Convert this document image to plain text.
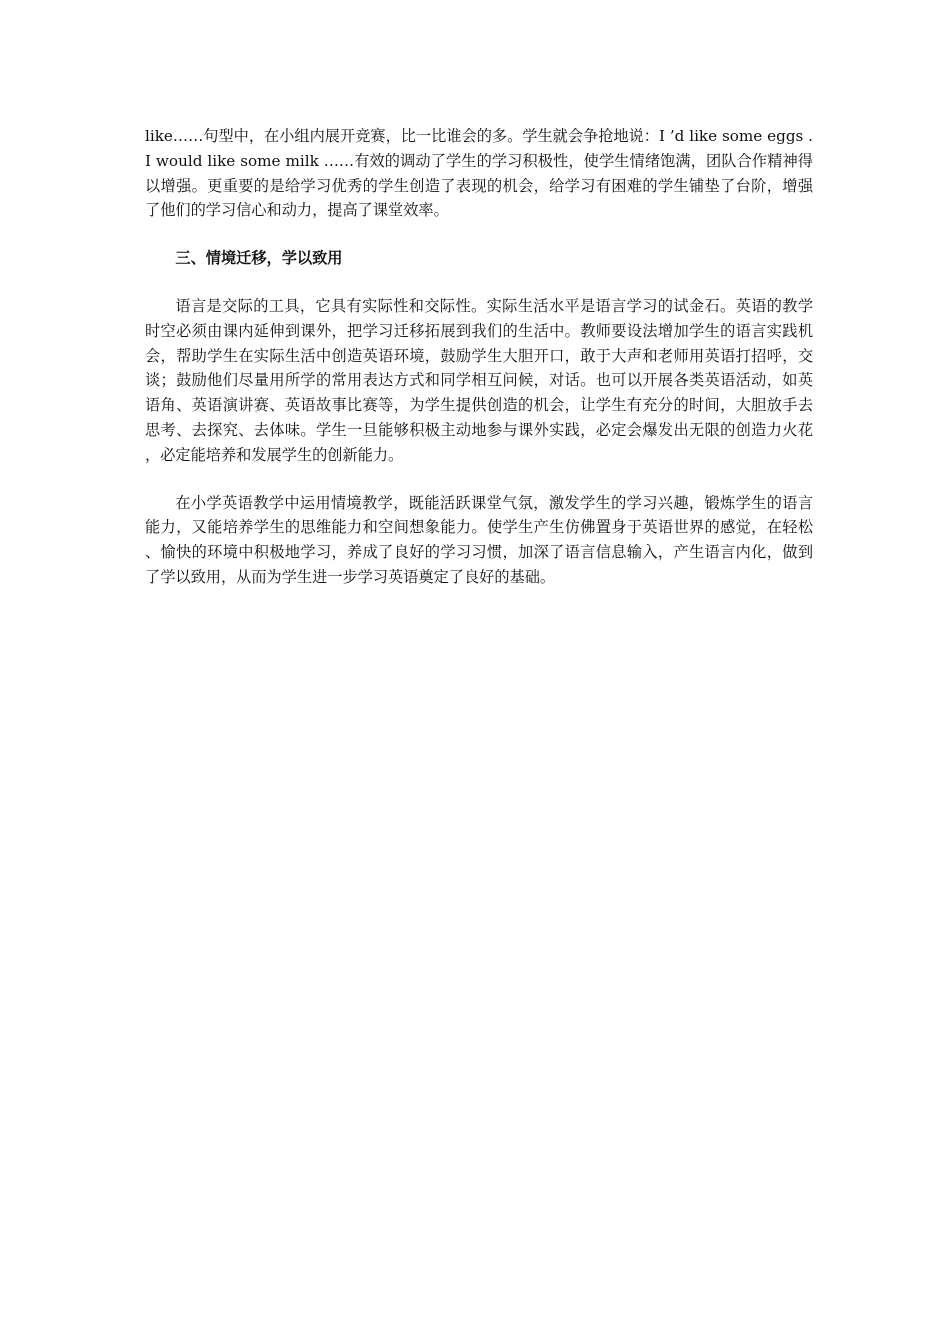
like……句型中，在小组内展开竞赛，比一比谁会的多。学生就会争抢地说：I ’d like some eggs . I would like some milk ……有效的调动了学生的学习积极性，使学生情绪饱满，团队合作精神得以增强。更重要的是给学习优秀的学生创造了表现的机会，给学习有困难的学生铺垫了台阶，增强了他们的学习信心和动力，提高了课堂效率。

三、情境迁移，学以致用

语言是交际的工具，它具有实际性和交际性。实际生活水平是语言学习的试金石。英语的教学时空必须由课内延伸到课外，把学习迁移拓展到我们的生活中。教师要设法增加学生的语言实践机会，帮助学生在实际生活中创造英语环境，鼓励学生大胆开口，敢于大声和老师用英语打招呼，交谈；鼓励他们尽量用所学的常用表达方式和同学相互问候，对话。也可以开展各类英语活动，如英语角、英语演讲赛、英语故事比赛等，为学生提供创造的机会，让学生有充分的时间，大胆放手去思考、去探究、去体味。学生一旦能够积极主动地参与课外实践，必定会爆发出无限的创造力火花，必定能培养和发展学生的创新能力。

在小学英语教学中运用情境教学，既能活跃课堂气氛，激发学生的学习兴趣，锻炼学生的语言能力，又能培养学生的思维能力和空间想象能力。使学生产生仿佛置身于英语世界的感觉，在轻松、愉快的环境中积极地学习，养成了良好的学习习惯，加深了语言信息输入，产生语言内化，做到了学以致用，从而为学生进一步学习英语奠定了良好的基础。
